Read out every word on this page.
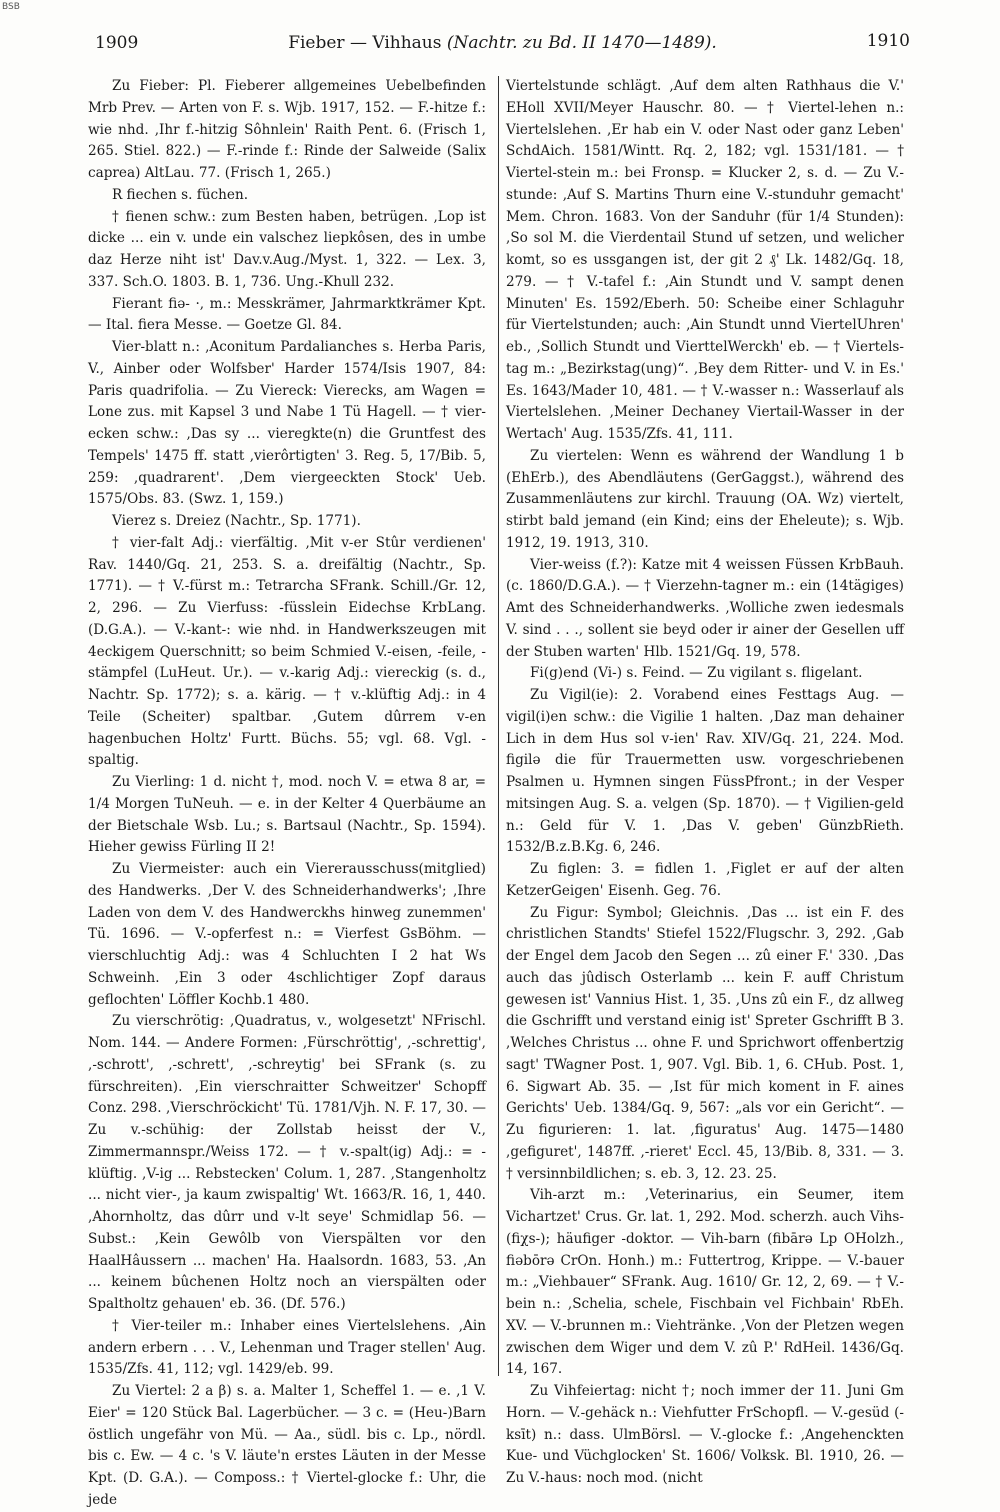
BSB
1909	Fieber — Vihhaus (Nachtr. zu Bd. II 1470—1489).	1910

Zu Fieber: Pl. Fieberer allgemeines Uebelbefinden Mrb Prev. — Arten von F. s. Wjb. 1917, 152. — F.-hitze f.: wie nhd. ,Ihr f.-hitzig Sôhnlein' Raith Pent. 6. (Frisch 1, 265. Stiel. 822.) — F.-rinde f.: Rinde der Salweide (Salix caprea) AltLau. 77. (Frisch 1, 265.)

R fiechen s. füchen.

† fienen schw.: zum Besten haben, betrügen. ,Lop ist dicke ... ein v. unde ein valschez liepkôsen, des in umbe daz Herze niht ist' Dav.v.Aug./Myst. 1, 322. — Lex. 3, 337. Sch.O. 1803. B. 1, 736. Ung.-Khull 232.

Fierant fiə- ·, m.: Messkrämer, Jahrmarktkrämer Kpt. — Ital. fiera Messe. — Goetze Gl. 84.

Vier-blatt n.: ,Aconitum Pardalianches s. Herba Paris, V., Ainber oder Wolfsber' Harder 1574/Isis 1907, 84: Paris quadrifolia. — Zu Viereck: Vierecks, am Wagen = Lone zus. mit Kapsel 3 und Nabe 1 Tü Hagell. — † vier-ecken schw.: ,Das sy ... vieregkte(n) die Gruntfest des Tempels' 1475 ff. statt ,vierôrtigten' 3. Reg. 5, 17/Bib. 5, 259: ,quadrarent'. ,Dem viergeeckten Stock' Ueb. 1575/Obs. 83. (Swz. 1, 159.)

Vierez s. Dreiez (Nachtr., Sp. 1771).

† vier-falt Adj.: vierfältig. ,Mit v-er Stûr verdienen' Rav. 1440/Gq. 21, 253. S. a. dreifältig (Nachtr., Sp. 1771). — † V.-fürst m.: Tetrarcha SFrank. Schill./Gr. 12, 2, 296. — Zu Vierfuss: -füsslein Eidechse KrbLang. (D.G.A.). — V.-kant-: wie nhd. in Handwerkszeugen mit 4eckigem Querschnitt; so beim Schmied V.-eisen, -feile, -stämpfel (LuHeut. Ur.). — v.-karig Adj.: viereckig (s. d., Nachtr. Sp. 1772); s. a. kärig. — † v.-klüftig Adj.: in 4 Teile (Scheiter) spaltbar. ,Gutem dûrrem v-en hagenbuchen Holtz' Furtt. Büchs. 55; vgl. 68. Vgl. -spaltig.

Zu Vierling: 1 d. nicht †, mod. noch V. = etwa 8 ar, = 1/4 Morgen TuNeuh. — e. in der Kelter 4 Querbäume an der Bietschale Wsb. Lu.; s. Bartsaul (Nachtr., Sp. 1594). Hieher gewiss Fürling II 2!

Zu Viermeister: auch ein Viererausschuss(mitglied) des Handwerks. ,Der V. des Schneiderhandwerks'; ,Ihre Laden von dem V. des Handwerckhs hinweg zunemmen' Tü. 1696. — V.-opferfest n.: = Vierfest GsBöhm. — vierschluchtig Adj.: was 4 Schluchten I 2 hat Ws Schweinh. ,Ein 3 oder 4schlichtiger Zopf daraus geflochten' Löffler Kochb.1 480.

Zu vierschrötig: ,Quadratus, v., wolgesetzt' NFrischl. Nom. 144. — Andere Formen: ,Fürschröttig', ,-schrettig', ,-schrott', ,-schrett', ,-schreytig' bei SFrank (s. zu fürschreiten). ,Ein vierschraitter Schweitzer' Schopff Conz. 298. ,Vierschröckicht' Tü. 1781/Vjh. N. F. 17, 30. — Zu v.-schühig: der Zollstab heisst der V., Zimmermannspr./Weiss 172. — † v.-spalt(ig) Adj.: = -klüftig. ,V-ig ... Rebstecken' Colum. 1, 287. ,Stangenholtz ... nicht vier-, ja kaum zwispaltig' Wt. 1663/R. 16, 1, 440. ,Ahornholtz, das dûrr und v-lt seye' Schmidlap 56. — Subst.: ,Kein Gewôlb von Vierspälten vor den HaalHâussern ... machen' Ha. Haalsordn. 1683, 53. ,An ... keinem bûchenen Holtz noch an vierspälten oder Spaltholtz gehauen' eb. 36. (Df. 576.)

† Vier-teiler m.: Inhaber eines Viertelslehens. ,Ain andern erbern . . . V., Lehenman und Trager stellen' Aug. 1535/Zfs. 41, 112; vgl. 1429/eb. 99.

Zu Viertel: 2 a β) s. a. Malter 1, Scheffel 1. — e. ,1 V. Eier' = 120 Stück Bal. Lagerbücher. — 3 c. = (Heu-)Barn östlich ungefähr von Mü. — Aa., südl. bis c. Lp., nördl. bis c. Ew. — 4 c. 's V. läute'n erstes Läuten in der Messe Kpt. (D. G.A.). — Composs.: † Viertel-glocke f.: Uhr, die jede

Viertelstunde schlägt. ,Auf dem alten Rathhaus die V.' EHoll XVII/Meyer Hauschr. 80. — † Viertel-lehen n.: Viertelslehen. ,Er hab ein V. oder Nast oder ganz Leben' SchdAich. 1581/Wintt. Rq. 2, 182; vgl. 1531/181. — † Viertel-stein m.: bei Fronsp. = Klucker 2, s. d. — Zu V.-stunde: ,Auf S. Martins Thurn eine V.-stunduhr gemacht' Mem. Chron. 1683. Von der Sanduhr (für 1/4 Stunden): ,So sol M. die Vierdentail Stund uf setzen, und welicher komt, so es ussgangen ist, der git 2 ₰' Lk. 1482/Gq. 18, 279. — † V.-tafel f.: ,Ain Stundt und V. sampt denen Minuten' Es. 1592/Eberh. 50: Scheibe einer Schlaguhr für Viertelstunden; auch: ,Ain Stundt unnd ViertelUhren' eb., ,Sollich Stundt und VierttelWerckh' eb. — † Viertels-tag m.: „Bezirkstag(ung)“. ,Bey dem Ritter- und V. in Es.' Es. 1643/Mader 10, 481. — † V.-wasser n.: Wasserlauf als Viertelslehen. ,Meiner Dechaney Viertail-Wasser in der Wertach' Aug. 1535/Zfs. 41, 111.

Zu viertelen: Wenn es während der Wandlung 1 b (EhErb.), des Abendläutens (GerGaggst.), während des Zusammenläutens zur kirchl. Trauung (OA. Wz) viertelt, stirbt bald jemand (ein Kind; eins der Eheleute); s. Wjb. 1912, 19. 1913, 310.

Vier-weiss (f.?): Katze mit 4 weissen Füssen KrbBauh. (c. 1860/D.G.A.). — † Vierzehn-tagner m.: ein (14tägiges) Amt des Schneiderhandwerks. ,Wolliche zwen iedesmals V. sind . . ., sollent sie beyd oder ir ainer der Gesellen uff der Stuben warten' Hlb. 1521/Gq. 19, 578.

Fi(g)end (Vi-) s. Feind. — Zu vigilant s. fligelant.

Zu Vigil(ie): 2. Vorabend eines Festtags Aug. — vigil(i)en schw.: die Vigilie 1 halten. ,Daz man dehainer Lich in dem Hus sol v-ien' Rav. XIV/Gq. 21, 224. Mod. figilə die für Trauermetten usw. vorgeschriebenen Psalmen u. Hymnen singen FüssPfront.; in der Vesper mitsingen Aug. S. a. velgen (Sp. 1870). — † Vigilien-geld n.: Geld für V. 1. ,Das V. geben' GünzbRieth. 1532/B.z.B.Kg. 6, 246.

Zu figlen: 3. = fidlen 1. ,Figlet er auf der alten KetzerGeigen' Eisenh. Geg. 76.

Zu Figur: Symbol; Gleichnis. ,Das ... ist ein F. des christlichen Standts' Stiefel 1522/Flugschr. 3, 292. ,Gab der Engel dem Jacob den Segen ... zû einer F.' 330. ,Das auch das jûdisch Osterlamb ... kein F. auff Christum gewesen ist' Vannius Hist. 1, 35. ,Uns zû ein F., dz allweg die Gschrifft und verstand einig ist' Spreter Gschrifft B 3. ,Welches Christus ... ohne F. und Sprichwort offenbertzig sagt' TWagner Post. 1, 907. Vgl. Bib. 1, 6. CHub. Post. 1, 6. Sigwart Ab. 35. — ,Ist für mich koment in F. aines Gerichts' Ueb. 1384/Gq. 9, 567: „als vor ein Gericht“. — Zu figurieren: 1. lat. ,figuratus' Aug. 1475—1480 ,gefiguret', 1487ff. ,-rieret' Eccl. 45, 13/Bib. 8, 331. — 3. † versinnbildlichen; s. eb. 3, 12. 23. 25.

Vih-arzt m.: ,Veterinarius, ein Seumer, item Vichartzet' Crus. Gr. lat. 1, 292. Mod. scherzh. auch Vihs- (fiχs-); häufiger -doktor. — Vih-barn (fibārə Lp OHolzh., fiəbōrə CrOn. Honh.) m.: Futtertrog, Krippe. — V.-bauer m.: „Viehbauer“ SFrank. Aug. 1610/ Gr. 12, 2, 69. — † V.-bein n.: ,Schelia, schele, Fischbain vel Fichbain' RbEh. XV. — V.-brunnen m.: Viehtränke. ,Von der Pletzen wegen zwischen dem Wiger und dem V. zû P.' RdHeil. 1436/Gq. 14, 167.

Zu Vihfeiertag: nicht †; noch immer der 11. Juni Gm Horn. — V.-gehäck n.: Viehfutter FrSchopfl. — V.-gesüd (-ksīt) n.: dass. UlmBörsl. — V.-glocke f.: ,Angehenckten Kue- und Vüchglocken' St. 1606/ Volksk. Bl. 1910, 26. — Zu V.-haus: noch mod. (nicht
